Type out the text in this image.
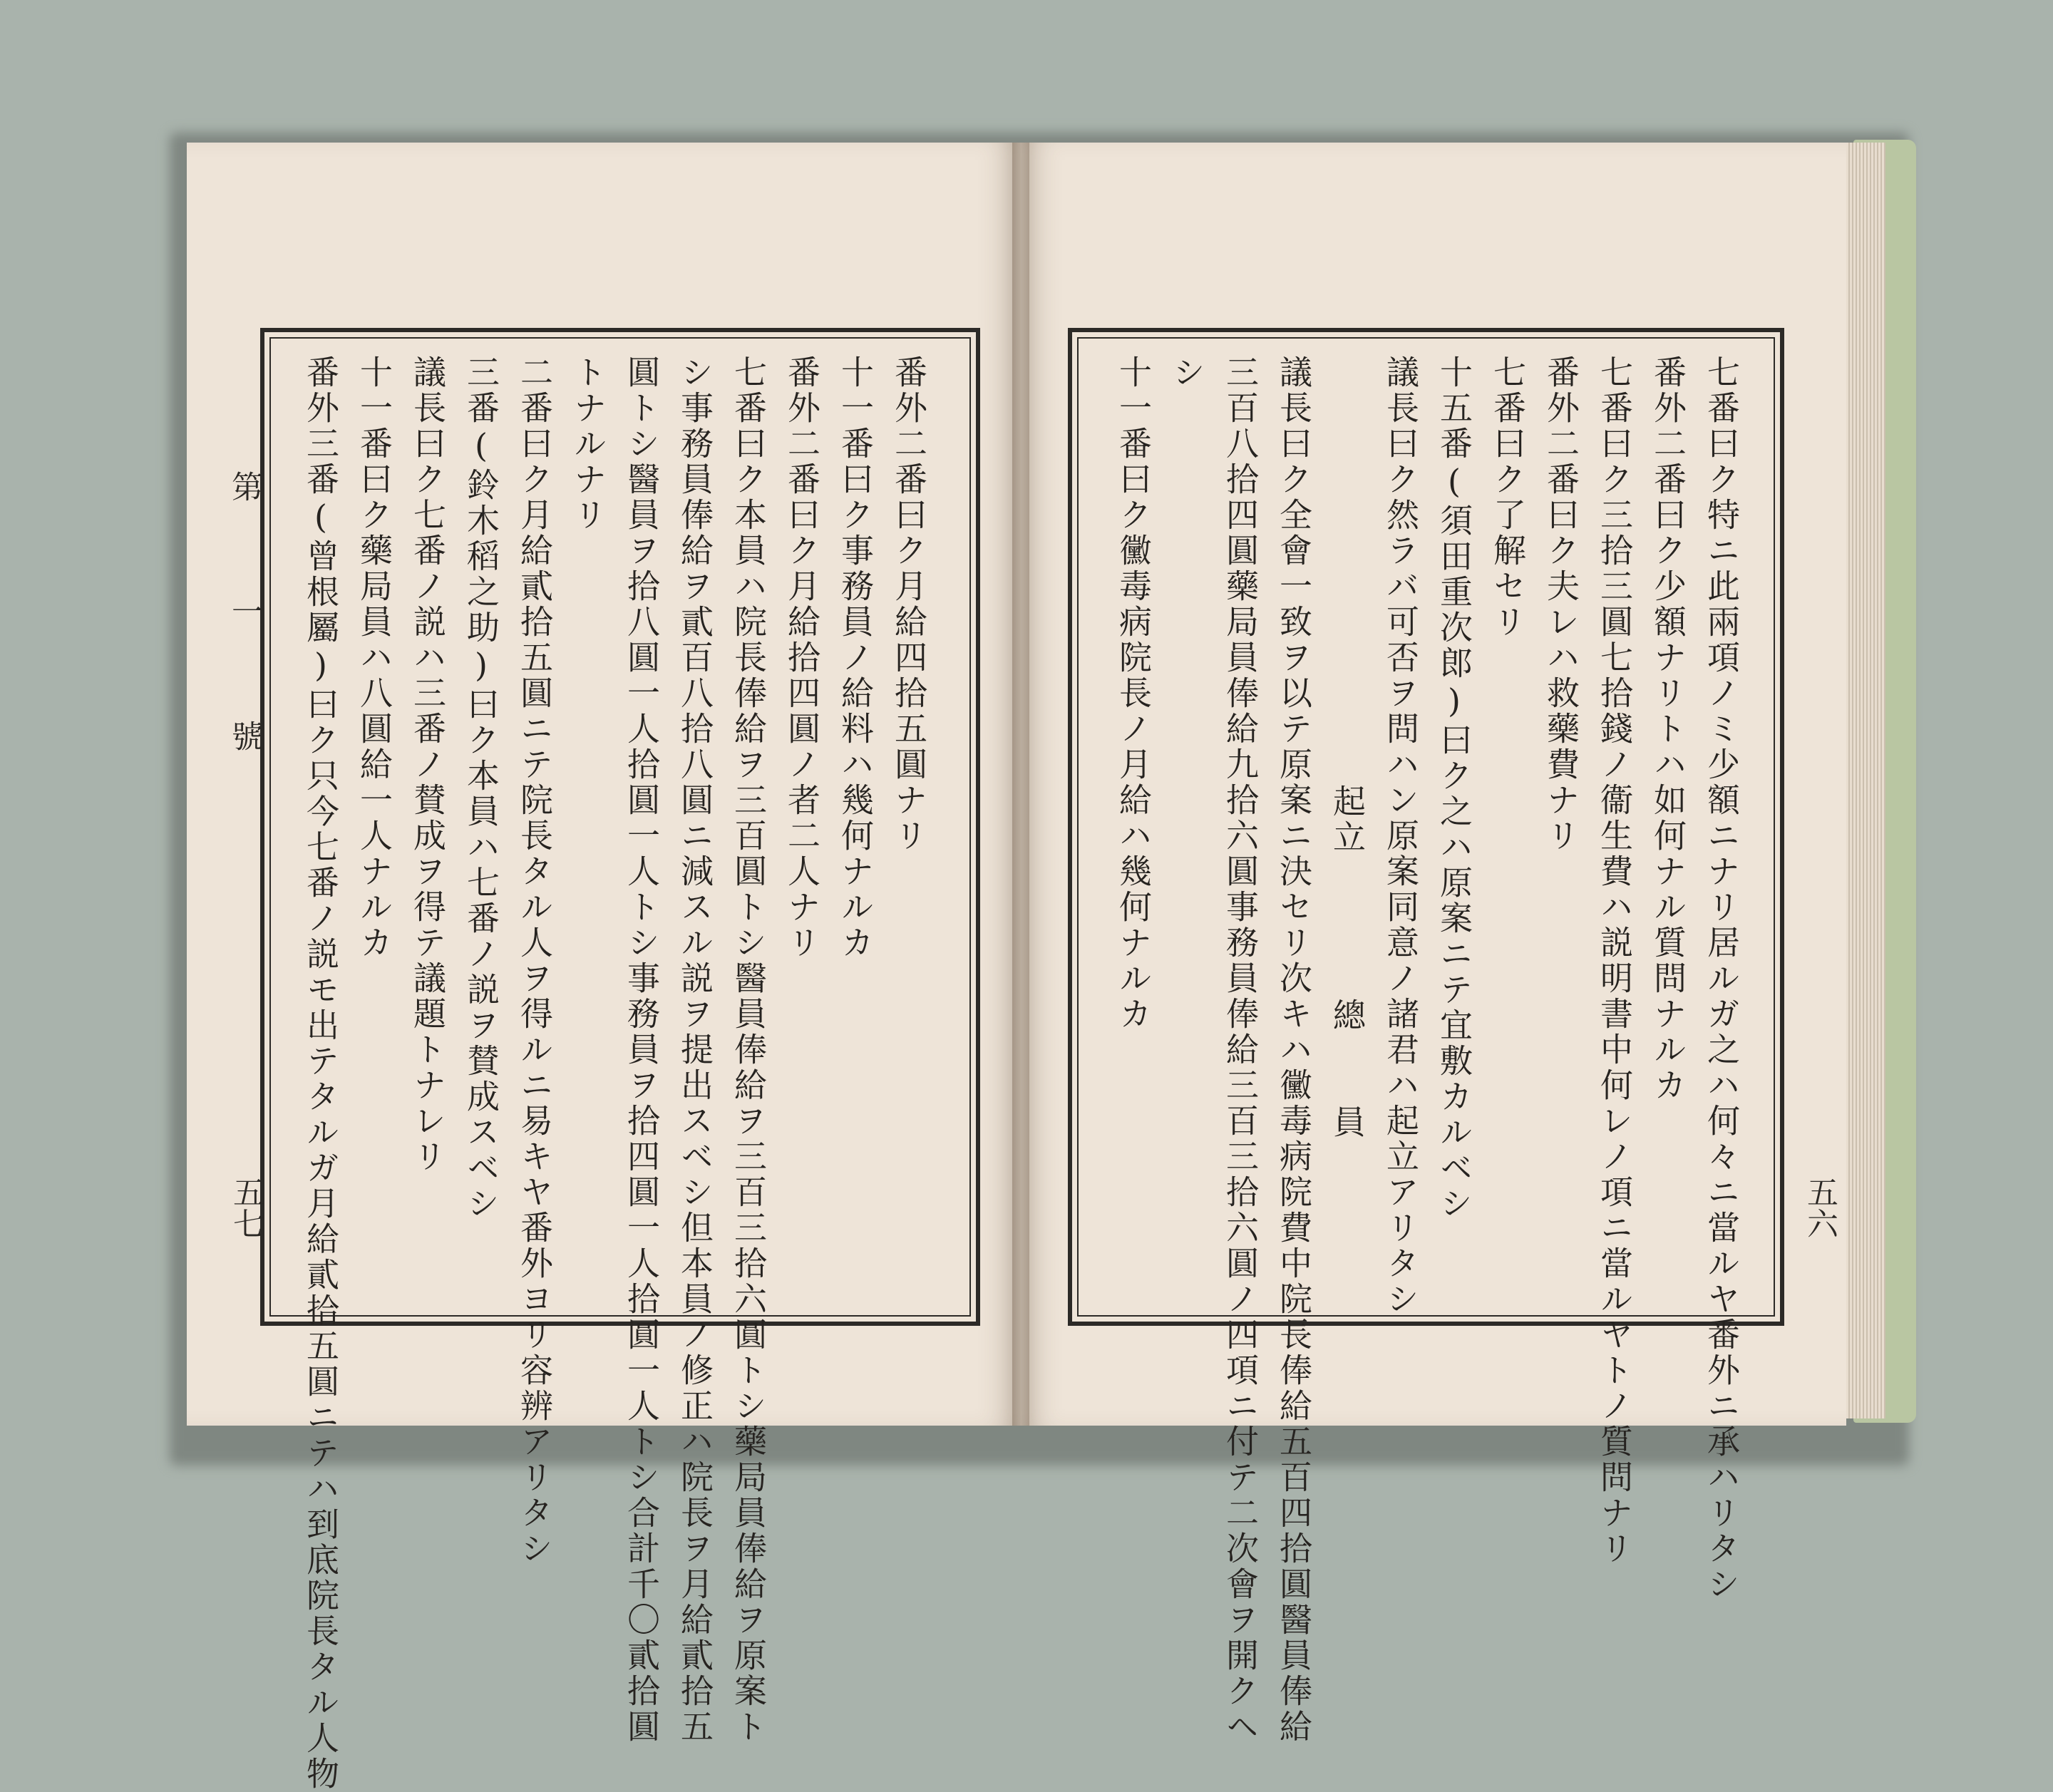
第 一 號
五七
番外二番曰ク月給四拾五圓ナリ
十一番曰ク事務員ノ給料ハ幾何ナルカ
番外二番曰ク月給拾四圓ノ者二人ナリ
七番曰ク本員ハ院長俸給ヲ三百圓トシ醫員俸給ヲ三百三拾六圓トシ藥局員俸給ヲ原案ト
シ事務員俸給ヲ貳百八拾八圓ニ減スル説ヲ提出スベシ但本員ノ修正ハ院長ヲ月給貳拾五
圓トシ醫員ヲ拾八圓一人拾圓一人トシ事務員ヲ拾四圓一人拾圓一人トシ合計千〇貳拾圓
トナルナリ
二番曰ク月給貳拾五圓ニテ院長タル人ヲ得ルニ易キヤ番外ヨリ容辨アリタシ
三番(鈴木稻之助)曰ク本員ハ七番ノ説ヲ賛成スベシ
議長曰ク七番ノ説ハ三番ノ賛成ヲ得テ議題トナレリ
十一番曰ク藥局員ハ八圓給一人ナルカ
番外三番(曾根屬)曰ク只今七番ノ説モ出テタルガ月給貳拾五圓ニテハ到底院長タル人物	五六
七番曰ク特ニ此兩項ノミ少額ニナリ居ルガ之ハ何々ニ當ルヤ番外ニ承ハリタシ
番外二番曰ク少額ナリトハ如何ナル質問ナルカ
七番曰ク三拾三圓七拾錢ノ衞生費ハ説明書中何レノ項ニ當ルヤトノ質問ナリ
番外二番曰ク夫レハ救藥費ナリ
七番曰ク了解セリ
十五番(須田重次郎)曰ク之ハ原案ニテ宜敷カルベシ
議長曰ク然ラバ可否ヲ問ハン原案同意ノ諸君ハ起立アリタシ
起立　　　　總　　員
議長曰ク全會一致ヲ以テ原案ニ決セリ次キハ黴毒病院費中院長俸給五百四拾圓醫員俸給
三百八拾四圓藥局員俸給九拾六圓事務員俸給三百三拾六圓ノ四項ニ付テ二次會ヲ開クヘ
シ
十一番曰ク黴毒病院長ノ月給ハ幾何ナルカ
